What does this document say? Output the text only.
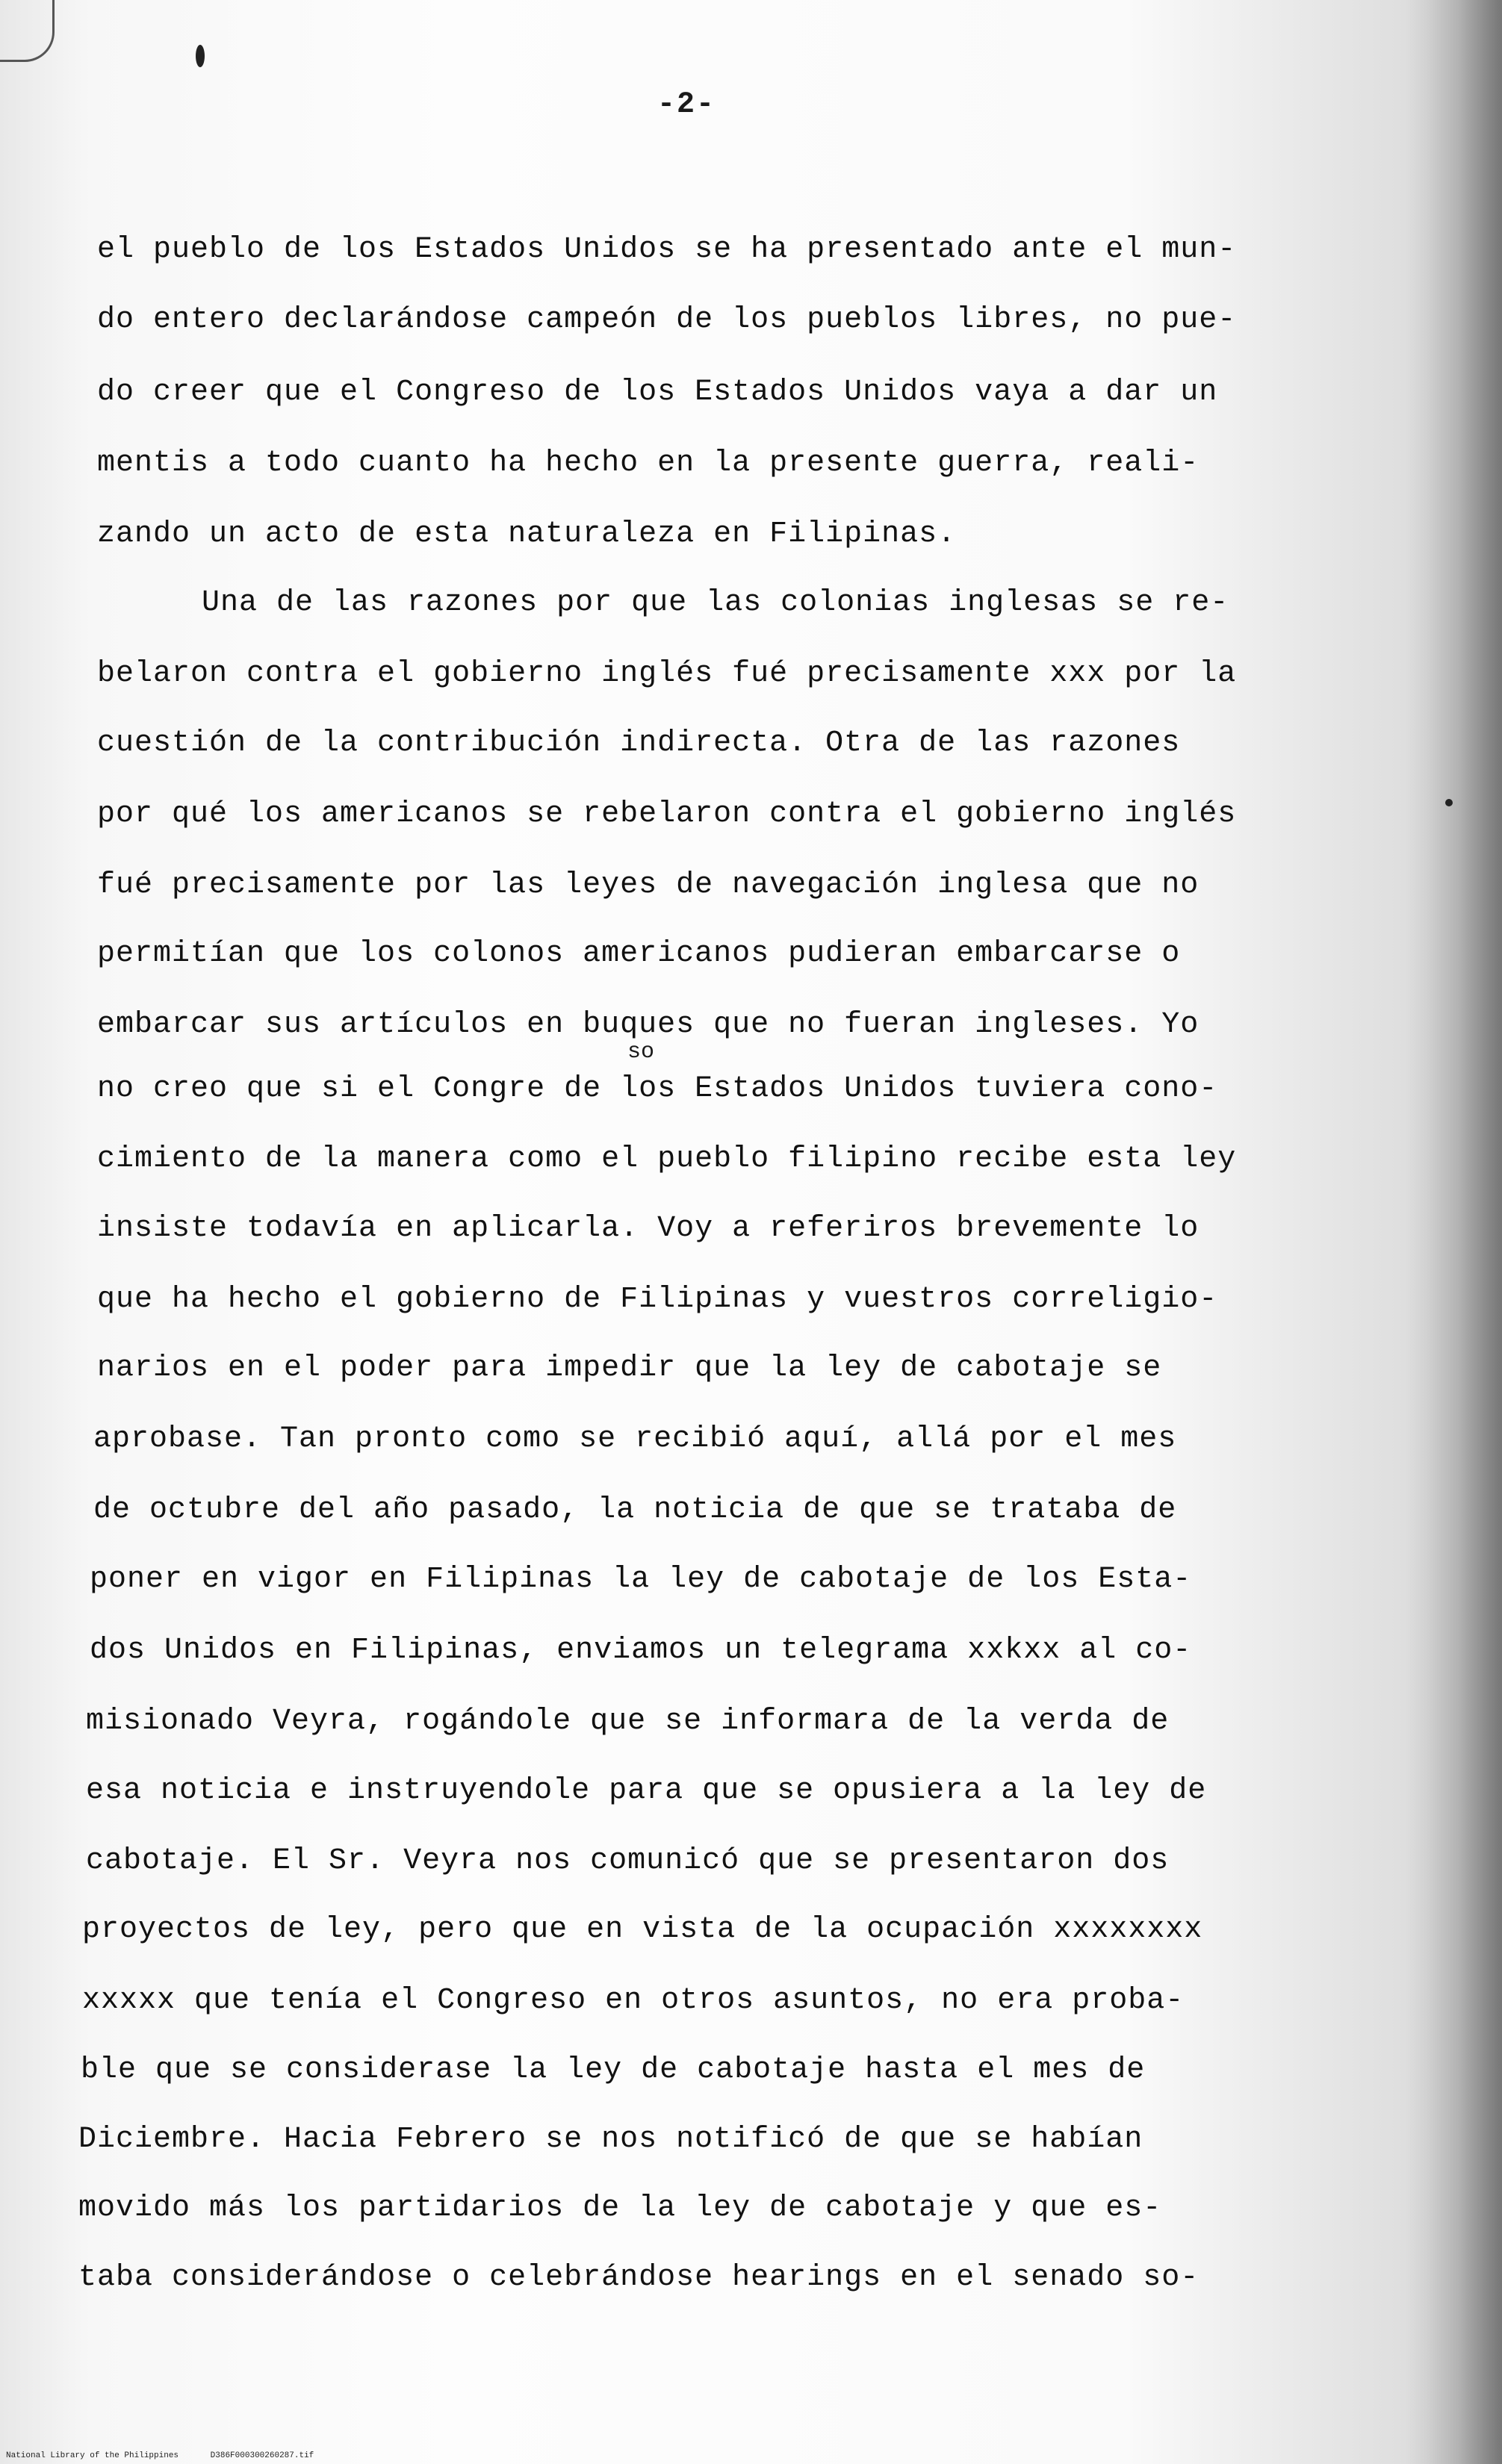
-2-
el pueblo de los Estados Unidos se ha presentado ante el mun-
do entero declarándose campeón de los pueblos libres, no pue-
do creer que el Congreso de los Estados Unidos vaya a dar un
mentis a todo cuanto ha hecho en la presente guerra, reali-
zando un acto de esta naturaleza en Filipinas.
Una de las razones por que las colonias inglesas se re-
belaron contra el gobierno inglés fué precisamente xxx por la
cuestión de la contribución indirecta. Otra de las razones
por qué los americanos se rebelaron contra el gobierno inglés
fué precisamente por las leyes de navegación inglesa que no
permitían que los colonos americanos pudieran embarcarse o
embarcar sus artículos en buques que no fueran ingleses. Yo
no creo que si el Congre de los Estados Unidos tuviera cono-
cimiento de la manera como el pueblo filipino recibe esta ley
insiste todavía en aplicarla. Voy a referiros brevemente lo
que ha hecho el gobierno de Filipinas y vuestros correligio-
narios en el poder para impedir que la ley de cabotaje se
aprobase. Tan pronto como se recibió aquí, allá por el mes
de octubre del año pasado, la noticia de que se trataba de
poner en vigor en Filipinas la ley de cabotaje de los Esta-
dos Unidos en Filipinas, enviamos un telegrama xxkxx al co-
misionado Veyra, rogándole que se informara de la verda de
esa noticia e instruyendole para que se opusiera a la ley de
cabotaje. El Sr. Veyra nos comunicó que se presentaron dos
proyectos de ley, pero que en vista de la ocupación xxxxxxxx
xxxxx que tenía el Congreso en otros asuntos, no era proba-
ble que se considerase la ley de cabotaje hasta el mes de
Diciembre. Hacia Febrero se nos notificó de que se habían
movido más los partidarios de la ley de cabotaje y que es-
taba considerándose o celebrándose hearings en el senado so-
so
National Library of the Philippines	D386F000300260287.tif
